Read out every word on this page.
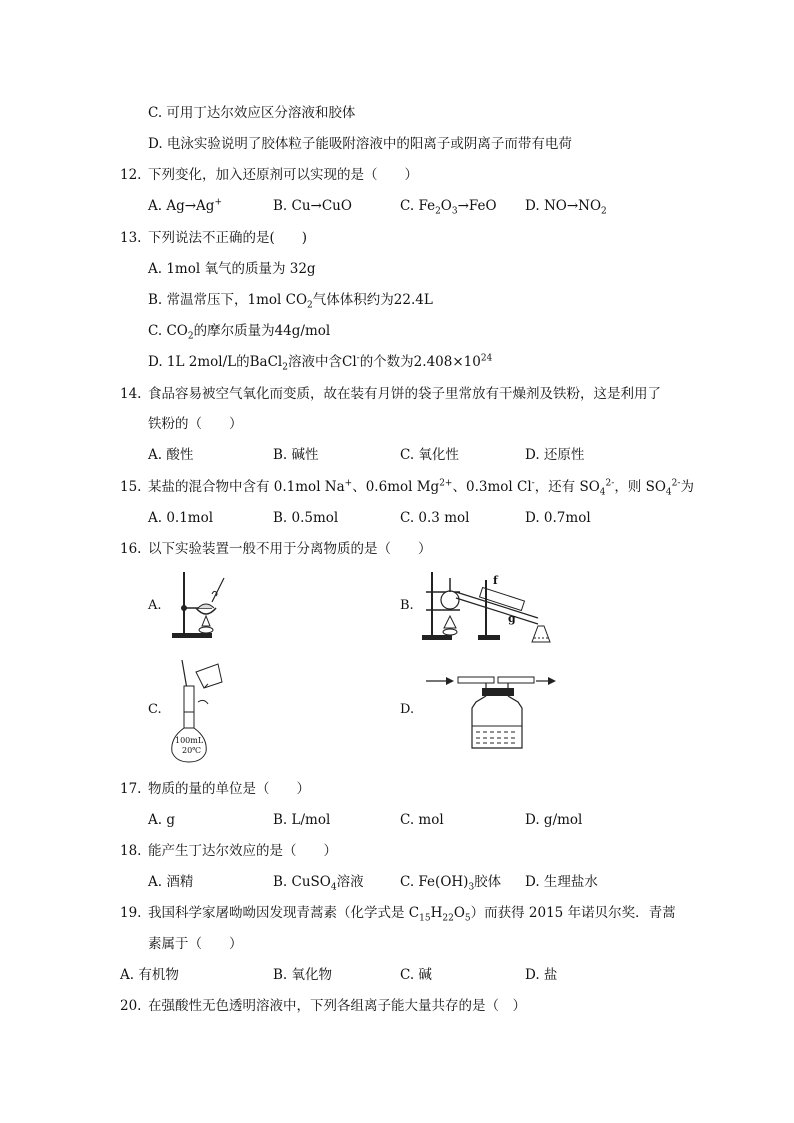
C. 可用丁达尔效应区分溶液和胶体
D. 电泳实验说明了胶体粒子能吸附溶液中的阳离子或阴离子而带有电荷
12. 下列变化，加入还原剂可以实现的是（　　）
A. Ag→Ag+	B. Cu→CuO	C. $Fe_2O_3\to FeO$ D. $NO\to NO_2$
13. 下列说法不正确的是(　　)
A. 1mol 氧气的质量为 32g
B. 常温常压下，1mol $CO_2$气体体积约为22.4L
C. $CO_2$的摩尔质量为44g/mol
D. 1L 2mol/L的BaCl$_2$溶液中含Cl-的个数为$2.408\times 10^{24}$
14. 食品容易被空气氧化而变质，故在装有月饼的袋子里常放有干燥剂及铁粉，这是利用了
铁粉的（　　）
A. 酸性	B. 碱性	C. 氧化性	D. 还原性
15. 某盐的混合物中含有 0.1mol Na+、0.6mol $Mg^{2+}$、0.3mol Cl-，还有 $SO_4^{2-}$，则 $SO_4^{2-}$为
A. 0.1mol	B. 0.5mol	C. 0.3 mol	D. 0.7mol
16. 以下实验装置一般不用于分离物质的是（　　）
A.	B.
f
g
C.
100mL
20℃
D.
17. 物质的量的单位是（　　）
A. g	B. L/mol	C. mol	D. g/mol
18. 能产生丁达尔效应的是（　　）
A. 酒精	B. CuSO$_4$溶液	C. $Fe(OH)_3$胶体 D. 生理盐水
19. 我国科学家屠呦呦因发现青蒿素（化学式是 $C_{15}H_{22}O_5$）而获得 2015 年诺贝尔奖．青蒿
素属于（　　）
A. 有机物	B. 氧化物	C. 碱	D. 盐
20. 在强酸性无色透明溶液中，下列各组离子能大量共存的是（　）
